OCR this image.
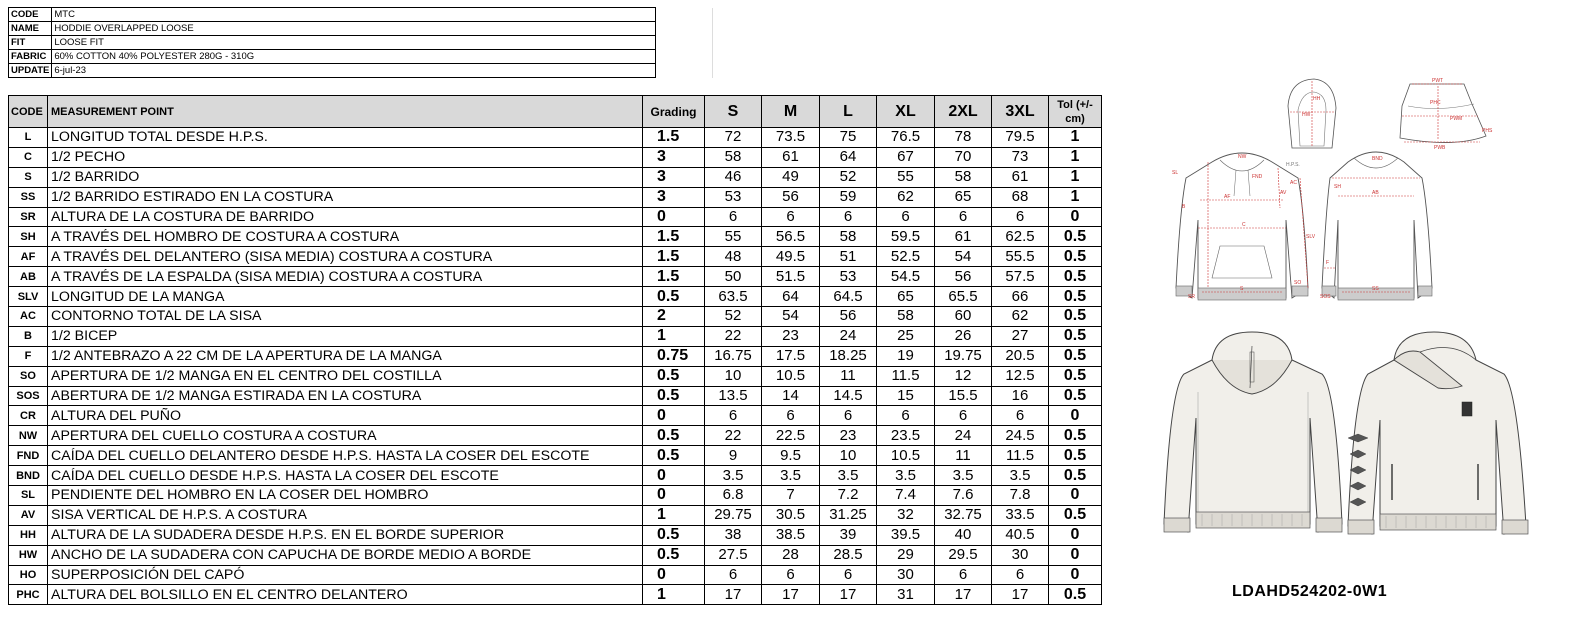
CODE	MTC		
NAME	HODDIE OVERLAPPED LOOSE		
FIT	LOOSE FIT		
FABRIC	60% COTTON 40% POLYESTER 280G - 310G		
UPDATE	6-jul-23		
CODE	MEASUREMENT POINT	Grading	S	M	L	XL	2XL	3XL	Tol (+/- cm)
L	LONGITUD TOTAL DESDE H.P.S.	1.5	72	73.5	75	76.5	78	79.5	1
C	1/2 PECHO	3	58	61	64	67	70	73	1
S	1/2 BARRIDO	3	46	49	52	55	58	61	1
SS	1/2 BARRIDO ESTIRADO EN LA COSTURA	3	53	56	59	62	65	68	1
SR	ALTURA DE LA COSTURA DE BARRIDO	0	6	6	6	6	6	6	0
SH	A TRAVÉS DEL HOMBRO DE COSTURA A COSTURA	1.5	55	56.5	58	59.5	61	62.5	0.5
AF	A TRAVÉS DEL DELANTERO (SISA MEDIA) COSTURA A COSTURA	1.5	48	49.5	51	52.5	54	55.5	0.5
AB	A TRAVÉS DE LA ESPALDA (SISA MEDIA) COSTURA A COSTURA	1.5	50	51.5	53	54.5	56	57.5	0.5
SLV	LONGITUD DE LA MANGA	0.5	63.5	64	64.5	65	65.5	66	0.5
AC	CONTORNO TOTAL DE LA SISA	2	52	54	56	58	60	62	0.5
B	1/2 BICEP	1	22	23	24	25	26	27	0.5
F	1/2 ANTEBRAZO A 22 CM DE LA APERTURA DE LA MANGA	0.75	16.75	17.5	18.25	19	19.75	20.5	0.5
SO	APERTURA DE 1/2 MANGA EN EL CENTRO DEL COSTILLA	0.5	10	10.5	11	11.5	12	12.5	0.5
SOS	ABERTURA DE 1/2 MANGA ESTIRADA EN LA COSTURA	0.5	13.5	14	14.5	15	15.5	16	0.5
CR	ALTURA DEL PUÑO	0	6	6	6	6	6	6	0
NW	APERTURA DEL CUELLO COSTURA A COSTURA	0.5	22	22.5	23	23.5	24	24.5	0.5
FND	CAÍDA DEL CUELLO DELANTERO DESDE H.P.S. HASTA LA COSER DEL ESCOTE	0.5	9	9.5	10	10.5	11	11.5	0.5
BND	CAÍDA DEL CUELLO DESDE H.P.S. HASTA LA COSER DEL ESCOTE	0	3.5	3.5	3.5	3.5	3.5	3.5	0.5
SL	PENDIENTE DEL HOMBRO EN LA COSER DEL HOMBRO	0	6.8	7	7.2	7.4	7.6	7.8	0
AV	SISA VERTICAL DE H.P.S. A COSTURA	1	29.75	30.5	31.25	32	32.75	33.5	0.5
HH	ALTURA DE LA SUDADERA DESDE H.P.S. EN EL BORDE SUPERIOR	0.5	38	38.5	39	39.5	40	40.5	0
HW	ANCHO DE LA SUDADERA CON CAPUCHA DE BORDE MEDIO A BORDE	0.5	27.5	28	28.5	29	29.5	30	0
HO	SUPERPOSICIÓN DEL CAPÓ	0	6	6	6	30	6	6	0
PHC	ALTURA DEL BOLSILLO EN EL CENTRO DELANTERO	1	17	17	17	31	17	17	0.5
HW
HH
PWT
PHC
PWM
PHS
PWB
SL
NW
FND
H.P.S.
AV
AF
C
B
S
SO
AC
SLV
SR
BND
AB
SH
F
SOS
SS
LDAHD524202-0W1
